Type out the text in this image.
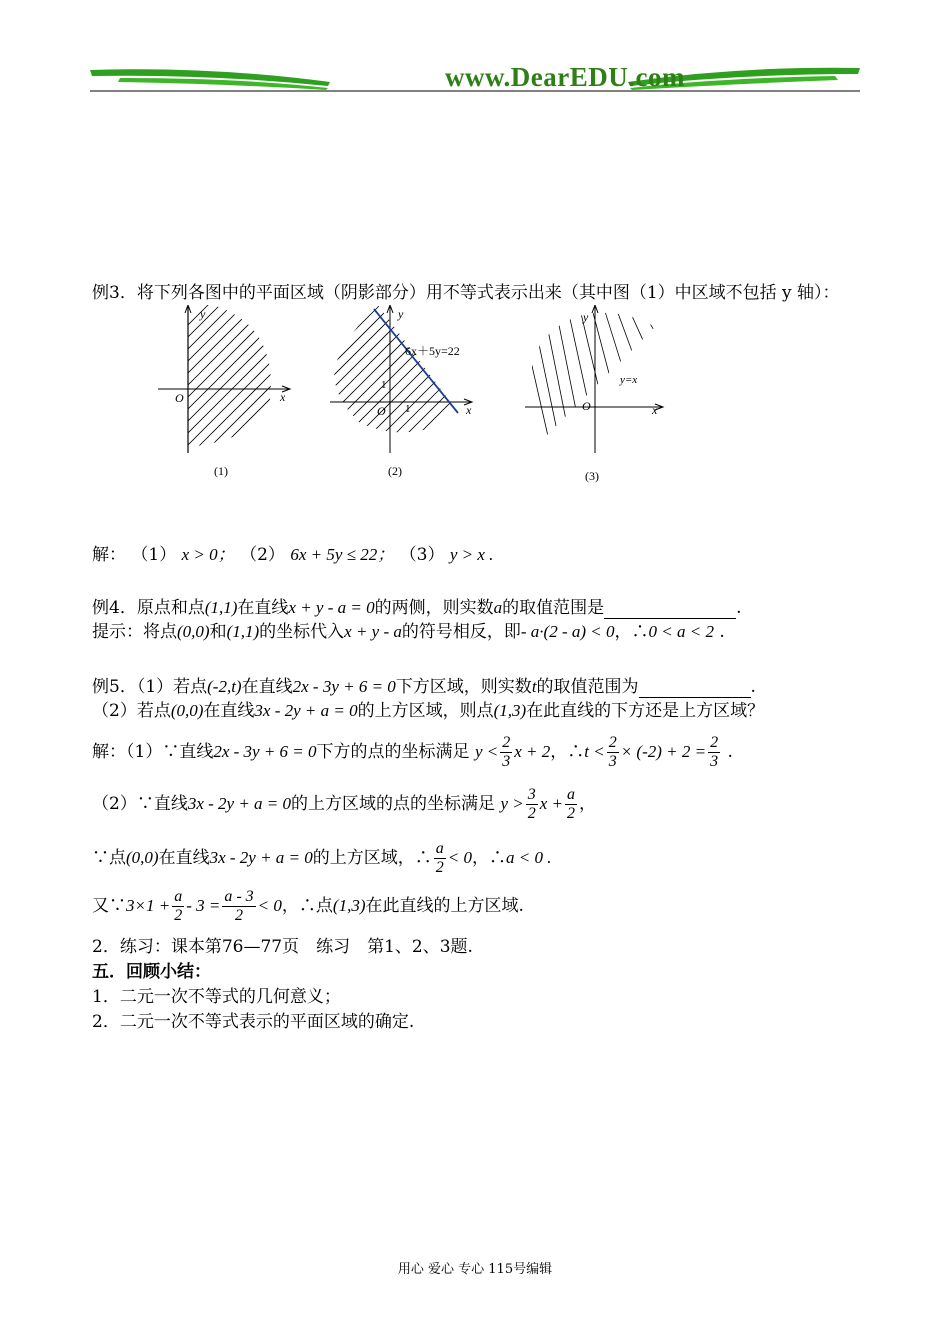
www.DearEDU.com
例3．将下列各图中的平面区域（阴影部分）用不等式表示出来（其中图（1）中区域不包括 y 轴）：
y
x
O
(1)
y
x
O 1
1
6x＋5y=22
(2)
y
x
O
y=x
(3)
解： （1） x > 0； （2） 6x + 5y ≤ 22； （3） y > x .
例4．原点和点(1,1)在直线x + y - a = 0的两侧，则实数a的取值范围是	.
提示：将点(0,0)和(1,1)的坐标代入x + y - a的符号相反，即- a·(2 - a) < 0，∴0 < a < 2 .
例5．（1）若点(-2,t)在直线2x - 3y + 6 = 0下方区域，则实数t的取值范围为	.
（2）若点(0,0)在直线3x - 2y + a = 0的上方区域，则点(1,3)在此直线的下方还是上方区域？
解：（1）∵直线2x - 3y + 6 = 0下方的点的坐标满足 $y < \frac{2}{3}$ x + 2，∴t < $\frac{2}{3} \times (-2) + 2 = \frac{2}{3}$ .
（2）∵直线3x - 2y + a = 0的上方区域的点的坐标满足 $y > \frac{3}{2}$ $x + \frac{a}{2}$ ，
∵点(0,0)在直线3x - 2y + a = 0的上方区域，∴ $\frac{a}{2} < 0$，∴a < 0 .
又∵3×1 + $\frac{a}{2} - 3 = \frac{a - 3}{2} < 0$，∴点(1,3)在此直线的上方区域.
2．练习：课本第76—77页　练习　第1、2、3题.
五．回顾小结：
1．二元一次不等式的几何意义；
2．二元一次不等式表示的平面区域的确定.
用心 爱心 专心 115号编辑
